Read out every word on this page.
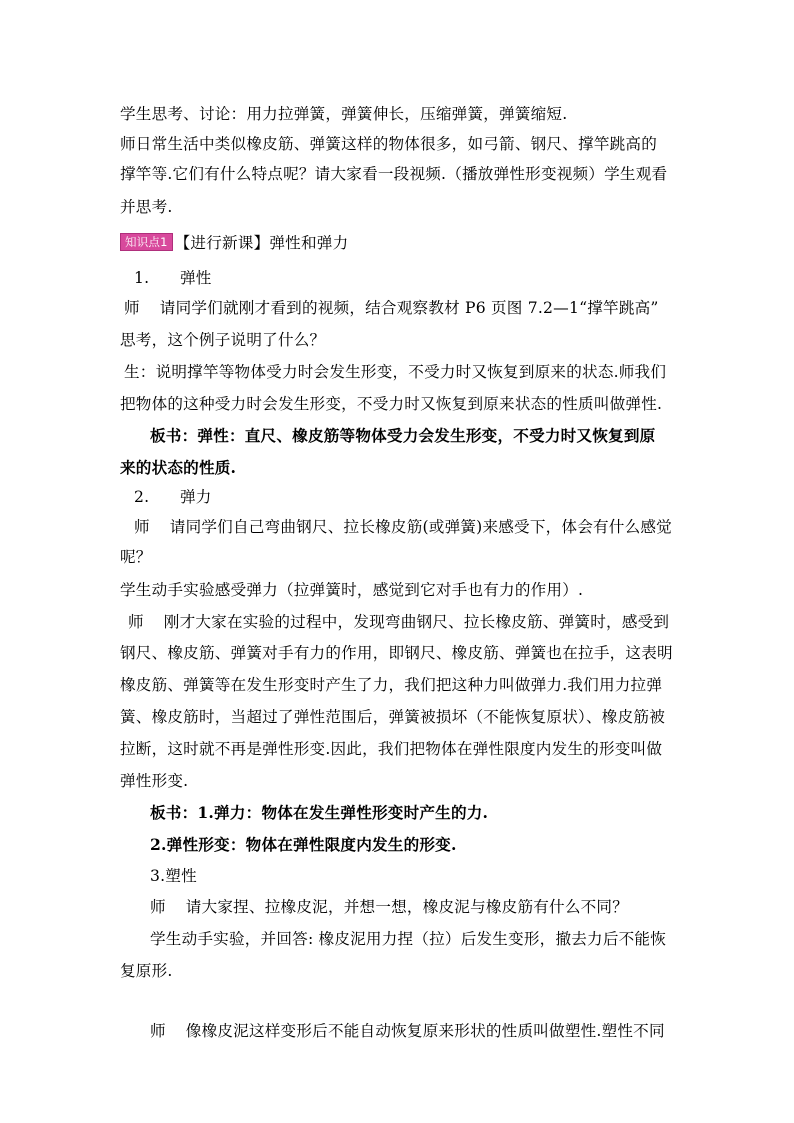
学生思考、讨论：用力拉弹簧，弹簧伸长，压缩弹簧，弹簧缩短.
师日常生活中类似橡皮筋、弹簧这样的物体很多，如弓箭、钢尺、撑竿跳高的
撑竿等.它们有什么特点呢？请大家看一段视频.（播放弹性形变视频）学生观看
并思考.
知识点1 【进行新课】弹性和弹力
1. 弹性
师 请同学们就刚才看到的视频，结合观察教材 P6 页图 7.2—1“撑竿跳高”
思考，这个例子说明了什么？
生：说明撑竿等物体受力时会发生形变，不受力时又恢复到原来的状态.师我们
把物体的这种受力时会发生形变，不受力时又恢复到原来状态的性质叫做弹性.
板书：弹性：直尺、橡皮筋等物体受力会发生形变，不受力时又恢复到原
来的状态的性质.
2. 弹力
师 请同学们自己弯曲钢尺、拉长橡皮筋(或弹簧)来感受下，体会有什么感觉
呢？
学生动手实验感受弹力（拉弹簧时，感觉到它对手也有力的作用）.
师 刚才大家在实验的过程中，发现弯曲钢尺、拉长橡皮筋、弹簧时，感受到
钢尺、橡皮筋、弹簧对手有力的作用，即钢尺、橡皮筋、弹簧也在拉手，这表明
橡皮筋、弹簧等在发生形变时产生了力，我们把这种力叫做弹力.我们用力拉弹
簧、橡皮筋时，当超过了弹性范围后，弹簧被损坏（不能恢复原状）、橡皮筋被
拉断，这时就不再是弹性形变.因此，我们把物体在弹性限度内发生的形变叫做
弹性形变.
板书：1.弹力：物体在发生弹性形变时产生的力.
2.弹性形变：物体在弹性限度内发生的形变.
3.塑性
师 请大家捏、拉橡皮泥，并想一想，橡皮泥与橡皮筋有什么不同？
学生动手实验，并回答: 橡皮泥用力捏（拉）后发生变形，撤去力后不能恢
复原形.
师 像橡皮泥这样变形后不能自动恢复原来形状的性质叫做塑性.塑性不同
